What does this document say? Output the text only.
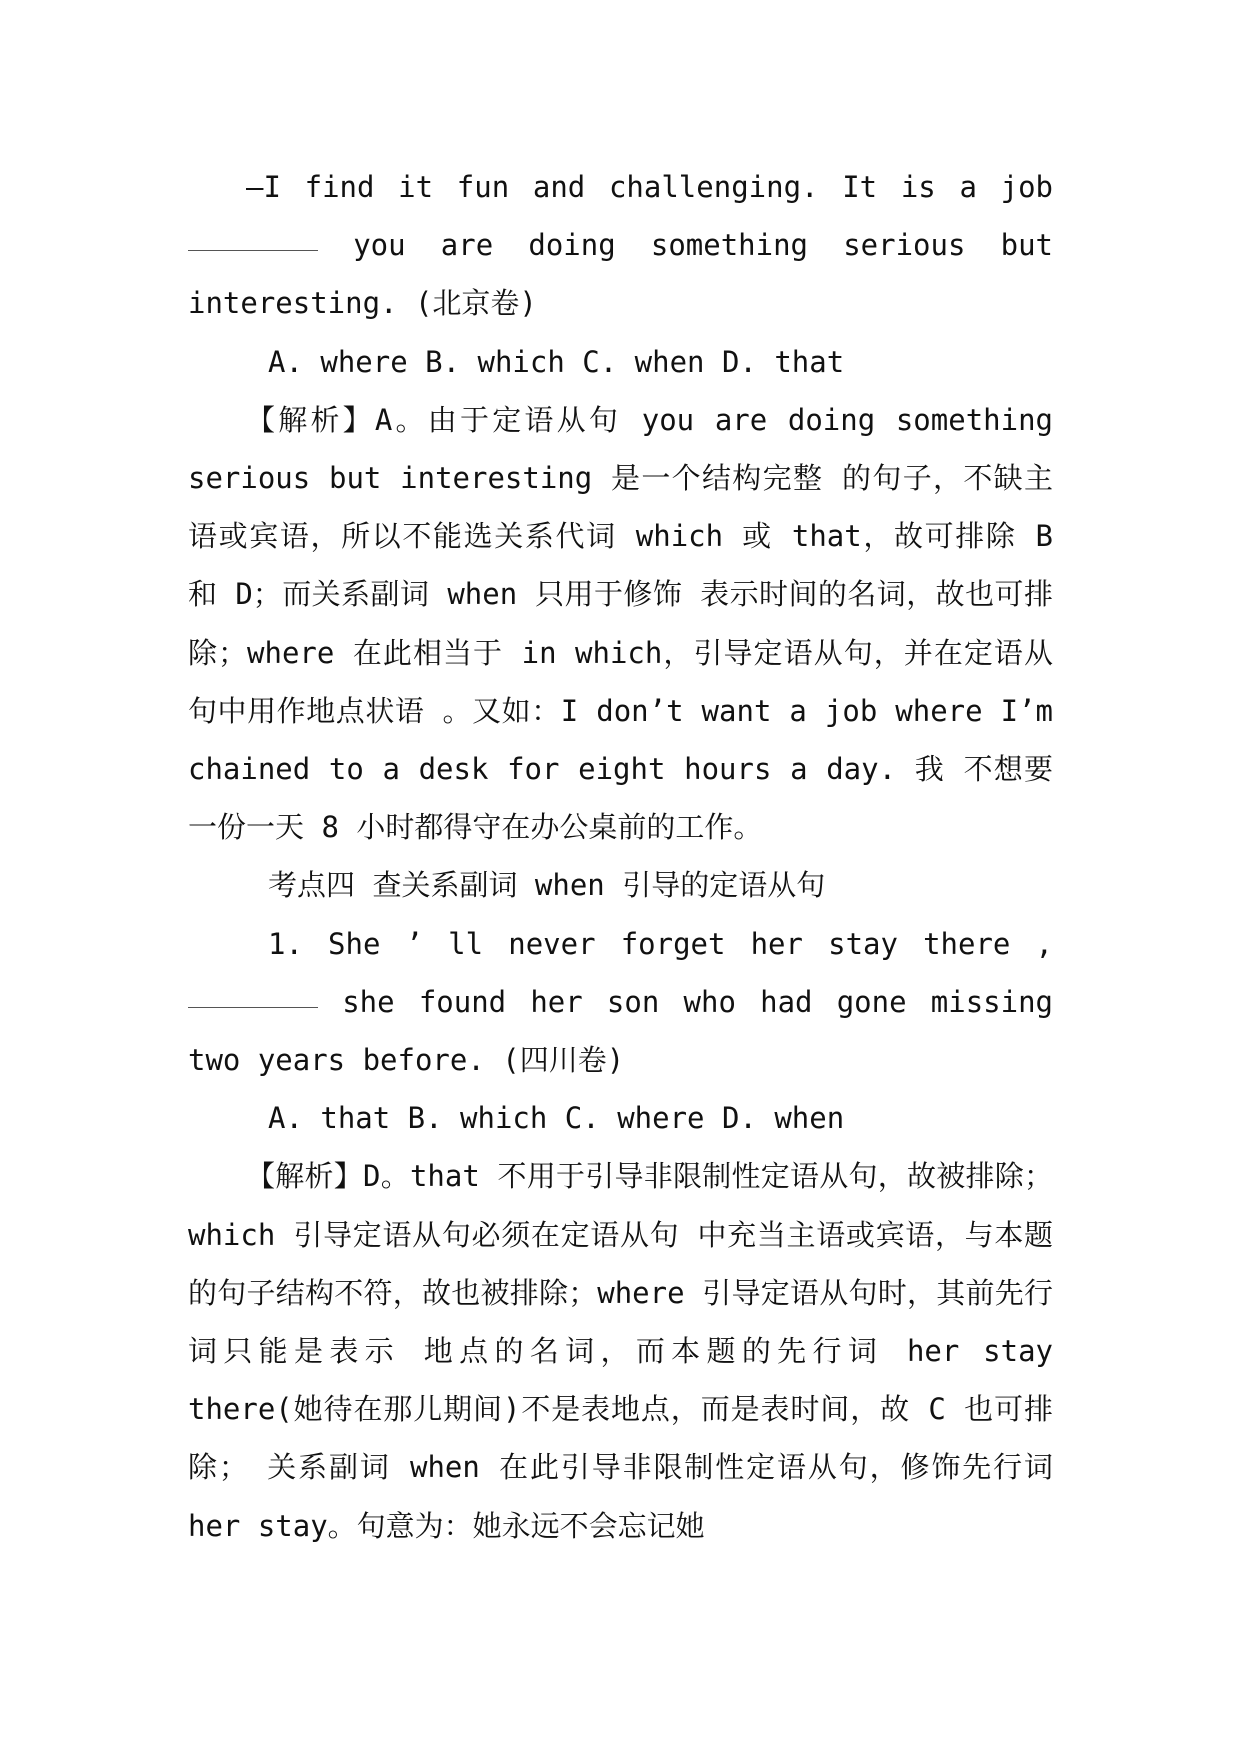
—I find it fun and challenging. It is a job  you are doing something serious but interesting. (北京卷)

A. where B. which C. when D. that

【解析】A。由于定语从句 you are doing something serious but interesting 是一个结构完整 的句子，不缺主语或宾语，所以不能选关系代词 which 或 that，故可排除 B 和 D；而关系副词 when 只用于修饰 表示时间的名词，故也可排除；where 在此相当于 in which，引导定语从句，并在定语从句中用作地点状语 。又如：I don’t want a job where I’m chained to a desk for eight hours a day. 我 不想要一份一天 8 小时都得守在办公桌前的工作。

考点四 查关系副词 when 引导的定语从句

1. She ’ ll never forget her stay there ,  she found her son who had gone missing two years before. (四川卷)

A. that B. which C. where D. when

【解析】D。that 不用于引导非限制性定语从句，故被排除；which 引导定语从句必须在定语从句 中充当主语或宾语，与本题的句子结构不符，故也被排除；where 引导定语从句时，其前先行词只能是表示 地点的名词，而本题的先行词 her stay there(她待在那儿期间)不是表地点，而是表时间，故 C 也可排除； 关系副词 when 在此引导非限制性定语从句，修饰先行词 her stay。句意为：她永远不会忘记她
